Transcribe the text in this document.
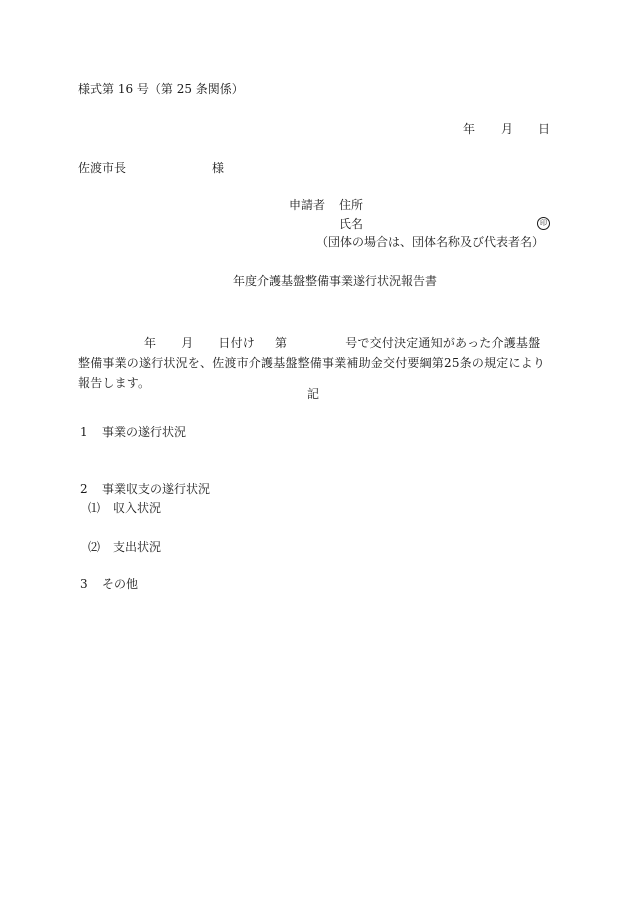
様式第 16 号（第 25 条関係）
年 月 日
佐渡市長	様
申請者 住所
氏名	印
（団体の場合は、団体名称及び代表者名）
年度介護基盤整備事業遂行状況報告書
年 月 日付け 第	号で交付決定通知があった介護基盤整備事業の遂行状況を、佐渡市介護基盤整備事業補助金交付要綱第25条の規定により報告します。
記
1 事業の遂行状況
2 事業収支の遂行状況
⑴ 収入状況
⑵ 支出状況
3 その他
